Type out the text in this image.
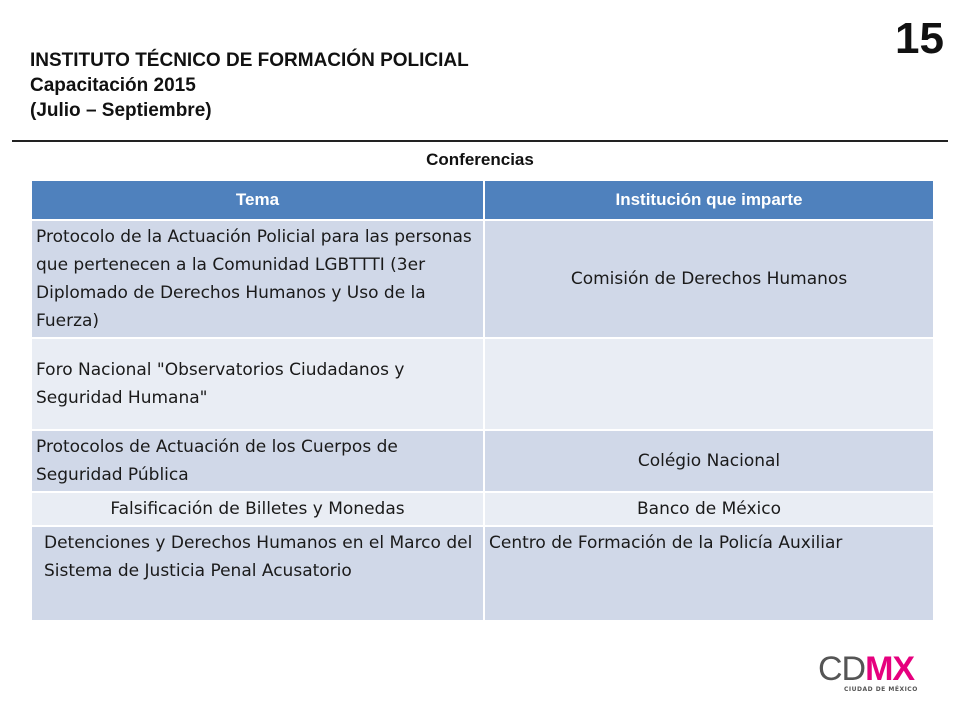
INSTITUTO TÉCNICO DE FORMACIÓN POLICIAL
Capacitación 2015
(Julio – Septiembre)
15
Conferencias
Tema	Institución que imparte
Protocolo de la Actuación Policial para las personas que pertenecen a la Comunidad LGBTTTI (3er Diplomado de Derechos Humanos y Uso de la Fuerza)	Comisión de Derechos Humanos
Foro Nacional "Observatorios Ciudadanos y Seguridad Humana"	
Protocolos de Actuación de los Cuerpos de Seguridad Pública	Colégio Nacional
Falsificación de Billetes y Monedas	Banco de México
Detenciones y Derechos Humanos en el Marco del Sistema de Justicia Penal Acusatorio	Centro de Formación de la Policía Auxiliar
CDMX
CIUDAD DE MÉXICO
